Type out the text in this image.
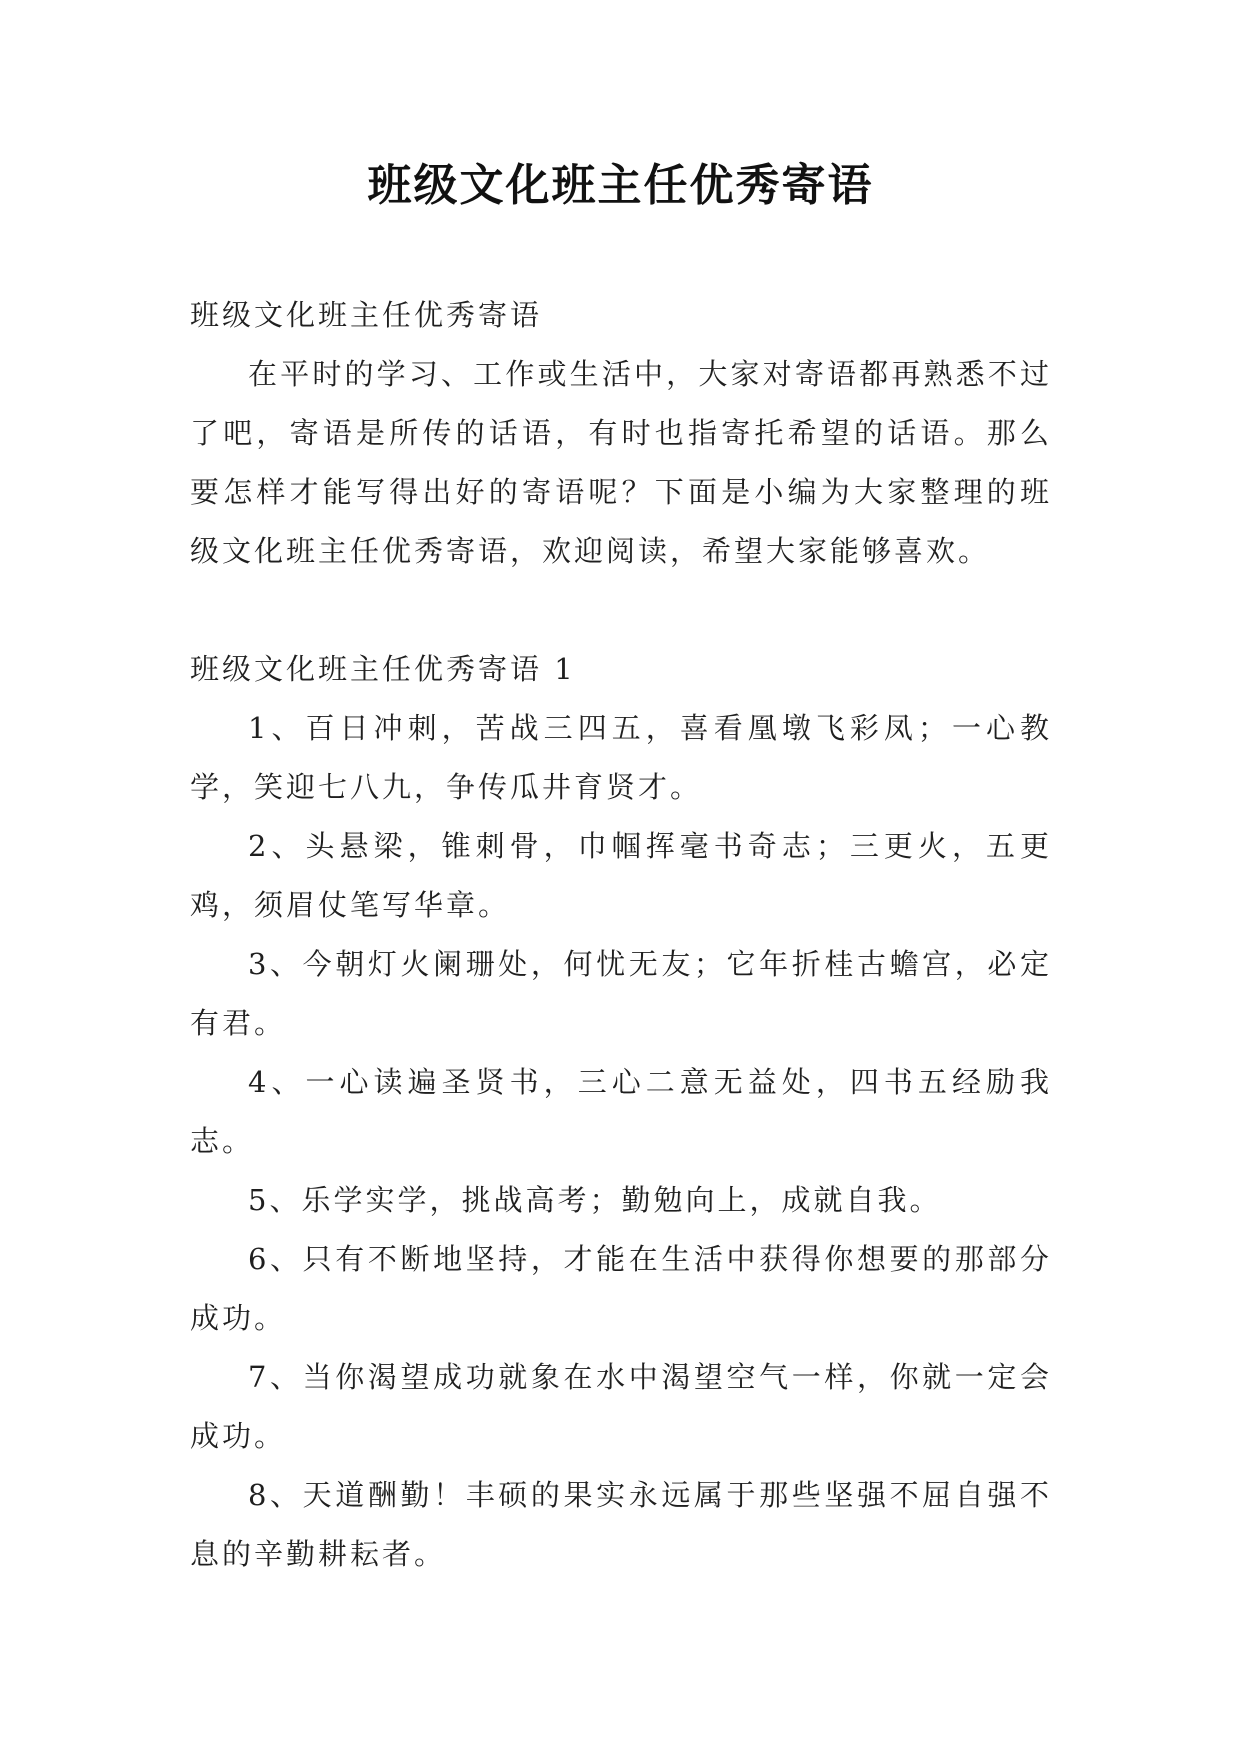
班级文化班主任优秀寄语
班级文化班主任优秀寄语
在平时的学习、工作或生活中，大家对寄语都再熟悉不过了吧，寄语是所传的话语，有时也指寄托希望的话语。那么要怎样才能写得出好的寄语呢？下面是小编为大家整理的班级文化班主任优秀寄语，欢迎阅读，希望大家能够喜欢。
班级文化班主任优秀寄语 1
1、百日冲刺，苦战三四五，喜看凰墩飞彩凤；一心教学，笑迎七八九，争传瓜井育贤才。
2、头悬梁，锥刺骨，巾帼挥毫书奇志；三更火，五更鸡，须眉仗笔写华章。
3、今朝灯火阑珊处，何忧无友；它年折桂古蟾宫，必定有君。
4、一心读遍圣贤书，三心二意无益处，四书五经励我志。
5、乐学实学，挑战高考；勤勉向上，成就自我。
6、只有不断地坚持，才能在生活中获得你想要的那部分成功。
7、当你渴望成功就象在水中渴望空气一样，你就一定会成功。
8、天道酬勤！丰硕的果实永远属于那些坚强不屈自强不息的辛勤耕耘者。
